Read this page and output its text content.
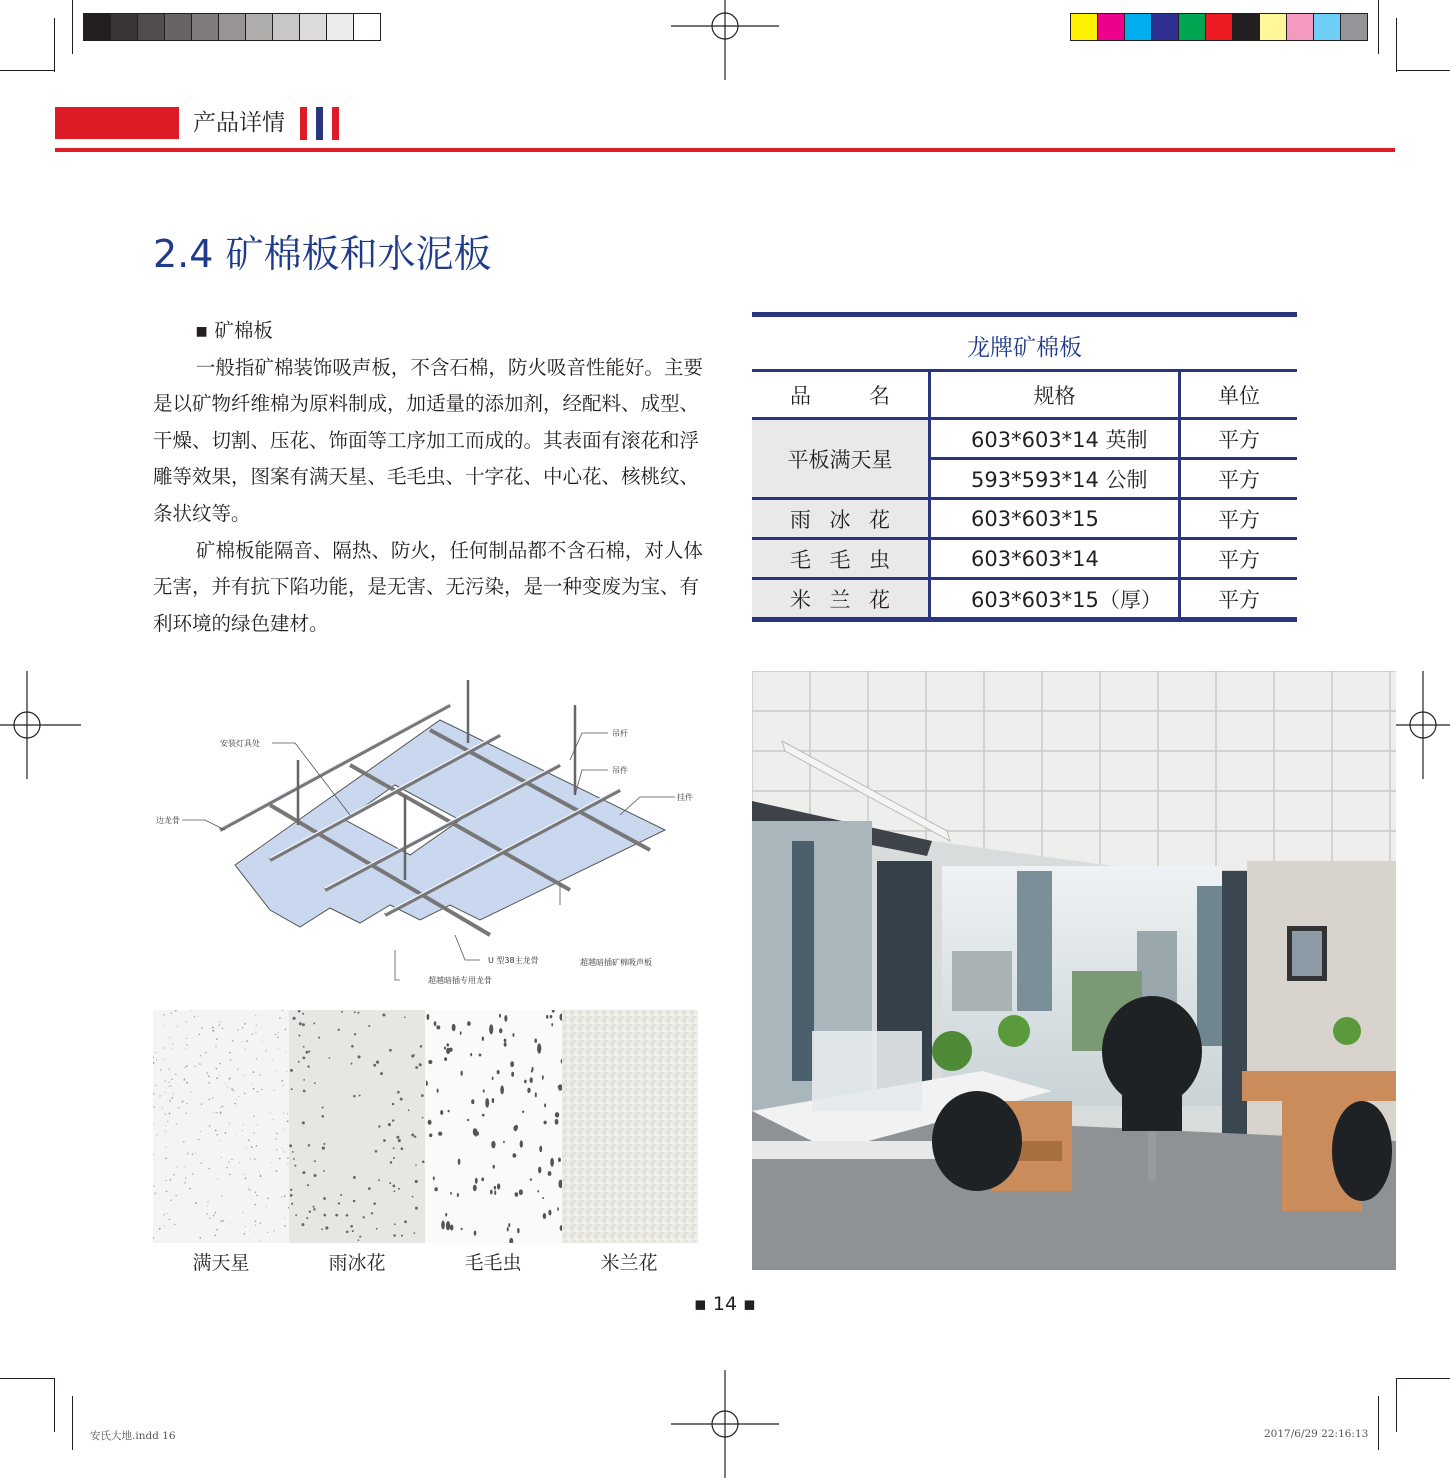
产品详情
2.4 矿棉板和水泥板

▪ 矿棉板

一般指矿棉装饰吸声板，不含石棉，防火吸音性能好。主要是以矿物纤维棉为原料制成，加适量的添加剂，经配料、成型、干燥、切割、压花、饰面等工序加工而成的。其表面有滚花和浮雕等效果，图案有满天星、毛毛虫、十字花、中心花、核桃纹、条状纹等。

矿棉板能隔音、隔热、防火，任何制品都不含石棉，对人体无害，并有抗下陷功能，是无害、无污染，是一种变废为宝、有利环境的绿色建材。

龙牌矿棉板
品 名	规格	单位
平板满天星	603*603*14 英制	平方
	593*593*14 公制	平方

雨 冰 花	603*603*15	平方

毛 毛 虫	603*603*14	平方

米 兰 花	603*603*15（厚）	平方
安装灯具处
吊杆
吊件
挂件
边龙骨
U 型38主龙骨	超越暗插矿棉吸声板
超越暗插专用龙骨
满天星	雨冰花	毛毛虫	米兰花
▪ 14 ▪
安氏大地.indd 16	2017/6/29 22:16:13
